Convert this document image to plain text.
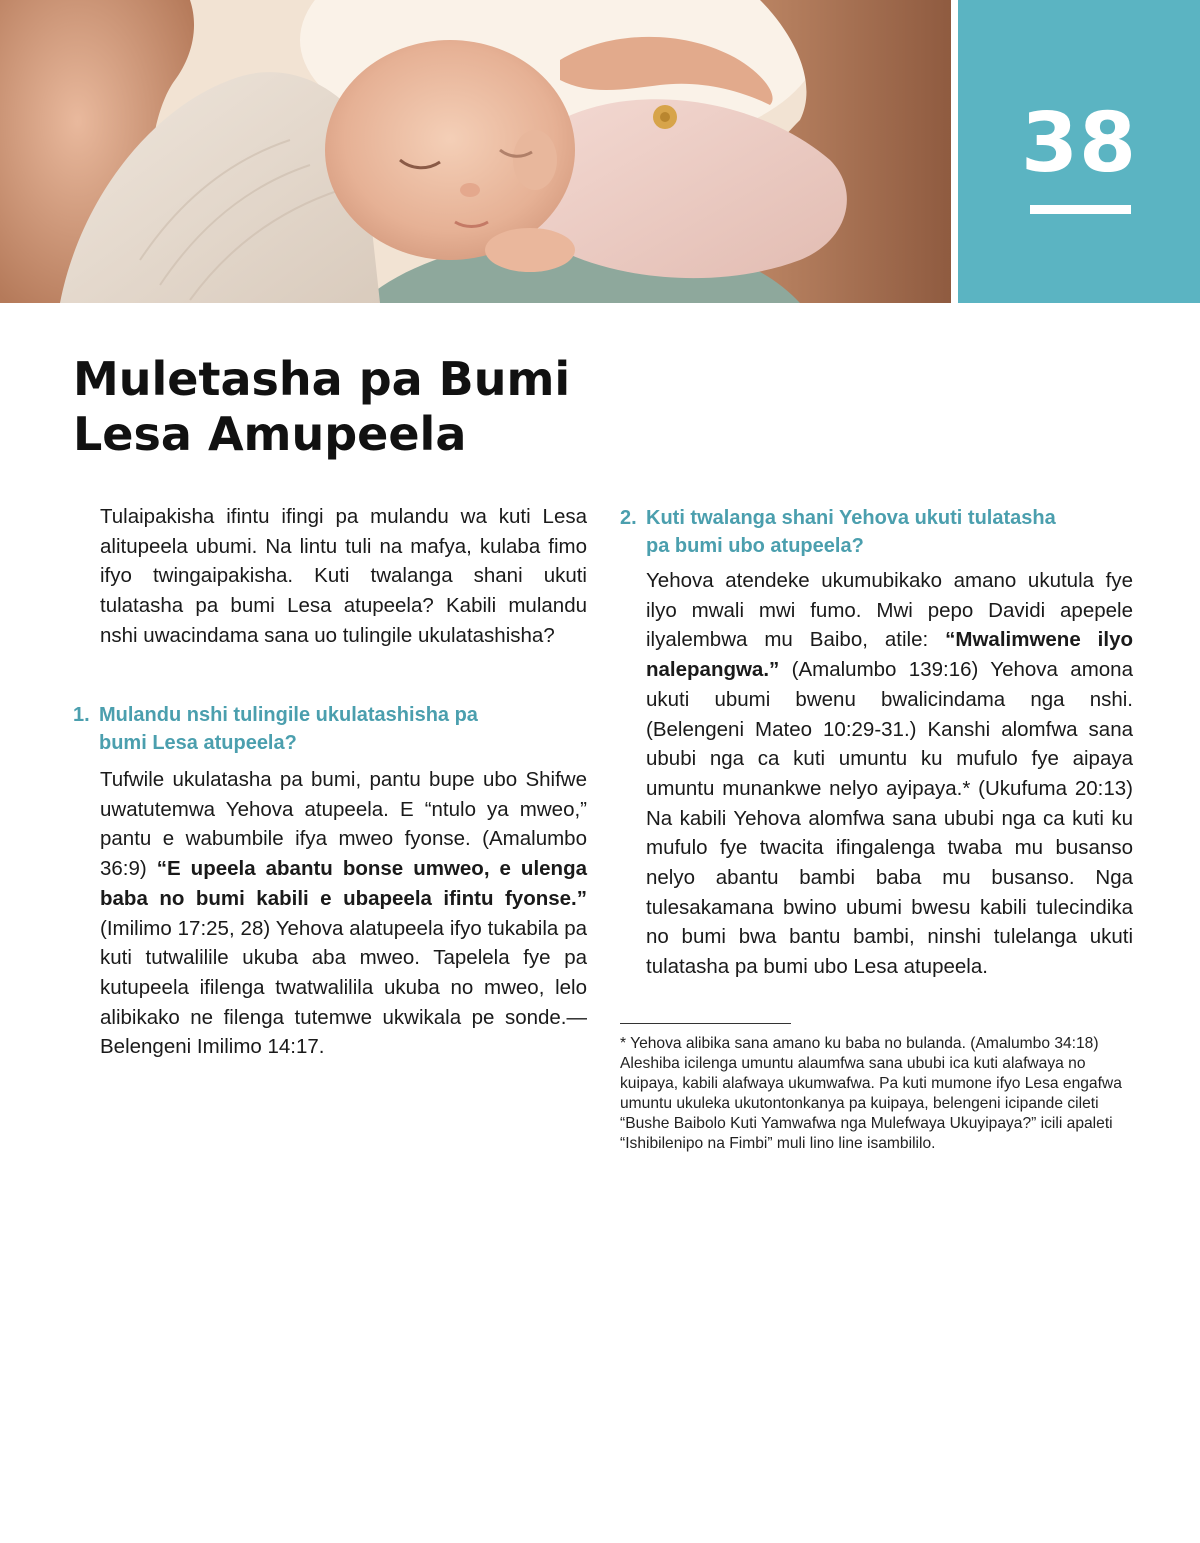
38
Muletasha pa Bumi
Lesa Amupeela

Tulaipakisha ifintu ifingi pa mulandu wa kuti Lesa alitupeela ubumi. Na lintu tuli na mafya, kulaba fimo ifyo twingaipakisha. Kuti twalanga shani ukuti tulatasha pa bumi Lesa atupeela? Kabili mulandu nshi uwacindama sana uo tulingile ukulatashisha?

1. Mulandu nshi tulingile ukulatashisha pa bumi Lesa atupeela?

Tufwile ukulatasha pa bumi, pantu bupe ubo Shifwe uwatutemwa Yehova atupeela. E “ntulo ya mweo,” pantu e wabumbile ifya mweo fyonse. (Amalumbo 36:9) “E upeela abantu bonse umweo, e ulenga baba no bumi kabili e ubapeela ifintu fyonse.” (Imilimo 17:25, 28) Yehova alatupeela ifyo tukabila pa kuti tutwalilile ukuba aba mweo. Tapelela fye pa kutupeela ifilenga twatwalilila ukuba no mweo, lelo alibikako ne filenga tutemwe ukwikala pe sonde.—Belengeni Imilimo 14:17.

2. Kuti twalanga shani Yehova ukuti tulatasha pa bumi ubo atupeela?

Yehova atendeke ukumubikako amano ukutula fye ilyo mwali mwi fumo. Mwi pepo Davidi apepele ilyalembwa mu Baibo, atile: “Mwalimwene ilyo nalepangwa.” (Amalumbo 139:16) Yehova amona ukuti ubumi bwenu bwalicindama nga nshi. (Belengeni Mateo 10:29-31.) Kanshi alomfwa sana ububi nga ca kuti umuntu ku mufulo fye aipaya umuntu munankwe nelyo ayipaya.* (Ukufuma 20:13) Na kabili Yehova alomfwa sana ububi nga ca kuti ku mufulo fye twacita ifingalenga twaba mu busanso nelyo abantu bambi baba mu busanso. Nga tulesakamana bwino ubumi bwesu kabili tulecindika no bumi bwa bantu bambi, ninshi tulelanga ukuti tulatasha pa bumi ubo Lesa atupeela.

* Yehova alibika sana amano ku baba no bulanda. (Amalumbo 34:18) Aleshiba icilenga umuntu alaumfwa sana ububi ica kuti alafwaya no kuipaya, kabili alafwaya ukumwafwa. Pa kuti mumone ifyo Lesa engafwa umuntu ukuleka ukutontonkanya pa kuipaya, belengeni icipande cileti “Bushe Baibolo Kuti Yamwafwa nga Mulefwaya Ukuyipaya?” icili apaleti “Ishibilenipo na Fimbi” muli lino line isambililo.
